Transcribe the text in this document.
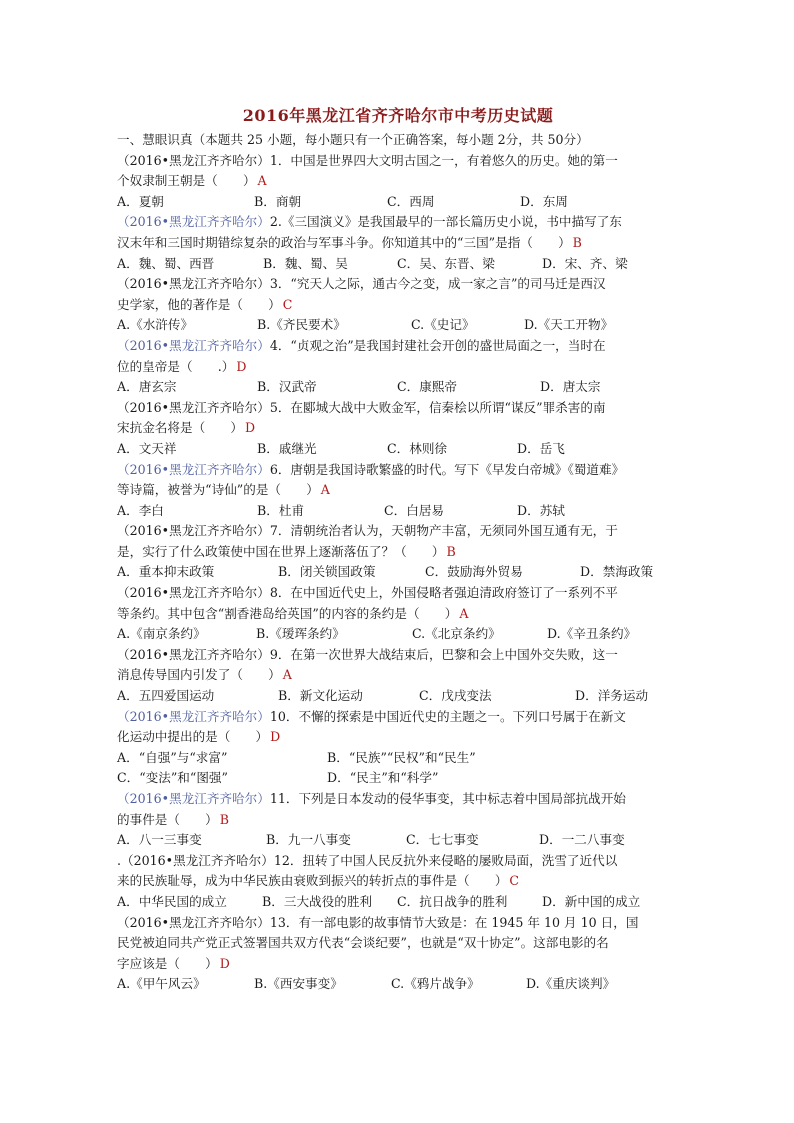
2016年黑龙江省齐齐哈尔市中考历史试题
一、慧眼识真（本题共 25 小题，每小题只有一个正确答案，每小题 2分，共 50分）
（2016•黑龙江齐齐哈尔）1．中国是世界四大文明古国之一，有着悠久的历史。她的第一
个奴隶制王朝是（　　） A
A．夏朝	B．商朝	C．西周	D．东周
（2016•黑龙江齐齐哈尔）2.《三国演义》是我国最早的一部长篇历史小说，书中描写了东
汉末年和三国时期错综复杂的政治与军事斗争。你知道其中的“三国”是指（　　） B
A．魏、蜀、西晋	B．魏、蜀、吴	C．吴、东晋、梁	D．宋、齐、梁
（2016•黑龙江齐齐哈尔）3．“究天人之际，通古今之变，成一家之言”的司马迁是西汉
史学家，他的著作是（　　） C
A.《水浒传》	B.《齐民要术》	C.《史记》	D.《天工开物》
（2016•黑龙江齐齐哈尔）4．“贞观之治”是我国封建社会开创的盛世局面之一，当时在
位的皇帝是（　　.） D
A．唐玄宗	B．汉武帝	C．康熙帝	D．唐太宗
（2016•黑龙江齐齐哈尔）5．在郾城大战中大败金军，信秦桧以所谓“谋反”罪杀害的南
宋抗金名将是（　　） D
A．文天祥	B．戚继光	C．林则徐	D．岳飞
（2016•黑龙江齐齐哈尔）6．唐朝是我国诗歌繁盛的时代。写下《早发白帝城》《蜀道难》
等诗篇，被誉为“诗仙”的是（　　） A
A．李白	B．杜甫	C．白居易	D．苏轼
（2016•黑龙江齐齐哈尔）7．清朝统治者认为，天朝物产丰富，无须同外国互通有无，于
是，实行了什么政策使中国在世界上逐渐落伍了？（　　） B
A．重本抑末政策	B．闭关锁国政策	C．鼓励海外贸易	D．禁海政策
（2016•黑龙江齐齐哈尔）8．在中国近代史上，外国侵略者强迫清政府签订了一系列不平
等条约。其中包含“割香港岛给英国”的内容的条约是（　　） A
A.《南京条约》	B.《瑷珲条约》	C.《北京条约》	D.《辛丑条约》
（2016•黑龙江齐齐哈尔）9．在第一次世界大战结束后，巴黎和会上中国外交失败，这一
消息传导国内引发了（　　） A
A．五四爱国运动	B．新文化运动	C．戊戌变法	D．洋务运动
（2016•黑龙江齐齐哈尔）10．不懈的探索是中国近代史的主题之一。下列口号属于在新文
化运动中提出的是（　　） D
A．“自强”与“求富”	B．“民族”“民权”和“民生”
C．“变法”和“图强”	D．“民主”和“科学”
（2016•黑龙江齐齐哈尔）11．下列是日本发动的侵华事变，其中标志着中国局部抗战开始
的事件是（　　） B
A．八一三事变	B．九一八事变	C．七七事变	D．一二八事变
.（2016•黑龙江齐齐哈尔）12．扭转了中国人民反抗外来侵略的屡败局面，洗雪了近代以
来的民族耻辱，成为中华民族由衰败到振兴的转折点的事件是（　　） C
A．中华民国的成立	B．三大战役的胜利	C．抗日战争的胜利	D．新中国的成立
（2016•黑龙江齐齐哈尔）13．有一部电影的故事情节大致是：在 1945 年 10 月 10 日，国
民党被迫同共产党正式签署国共双方代表“会谈纪要”，也就是“双十协定”。这部电影的名
字应该是（　　） D
A.《甲午风云》	B.《西安事变》	C.《鸦片战争》	D.《重庆谈判》
